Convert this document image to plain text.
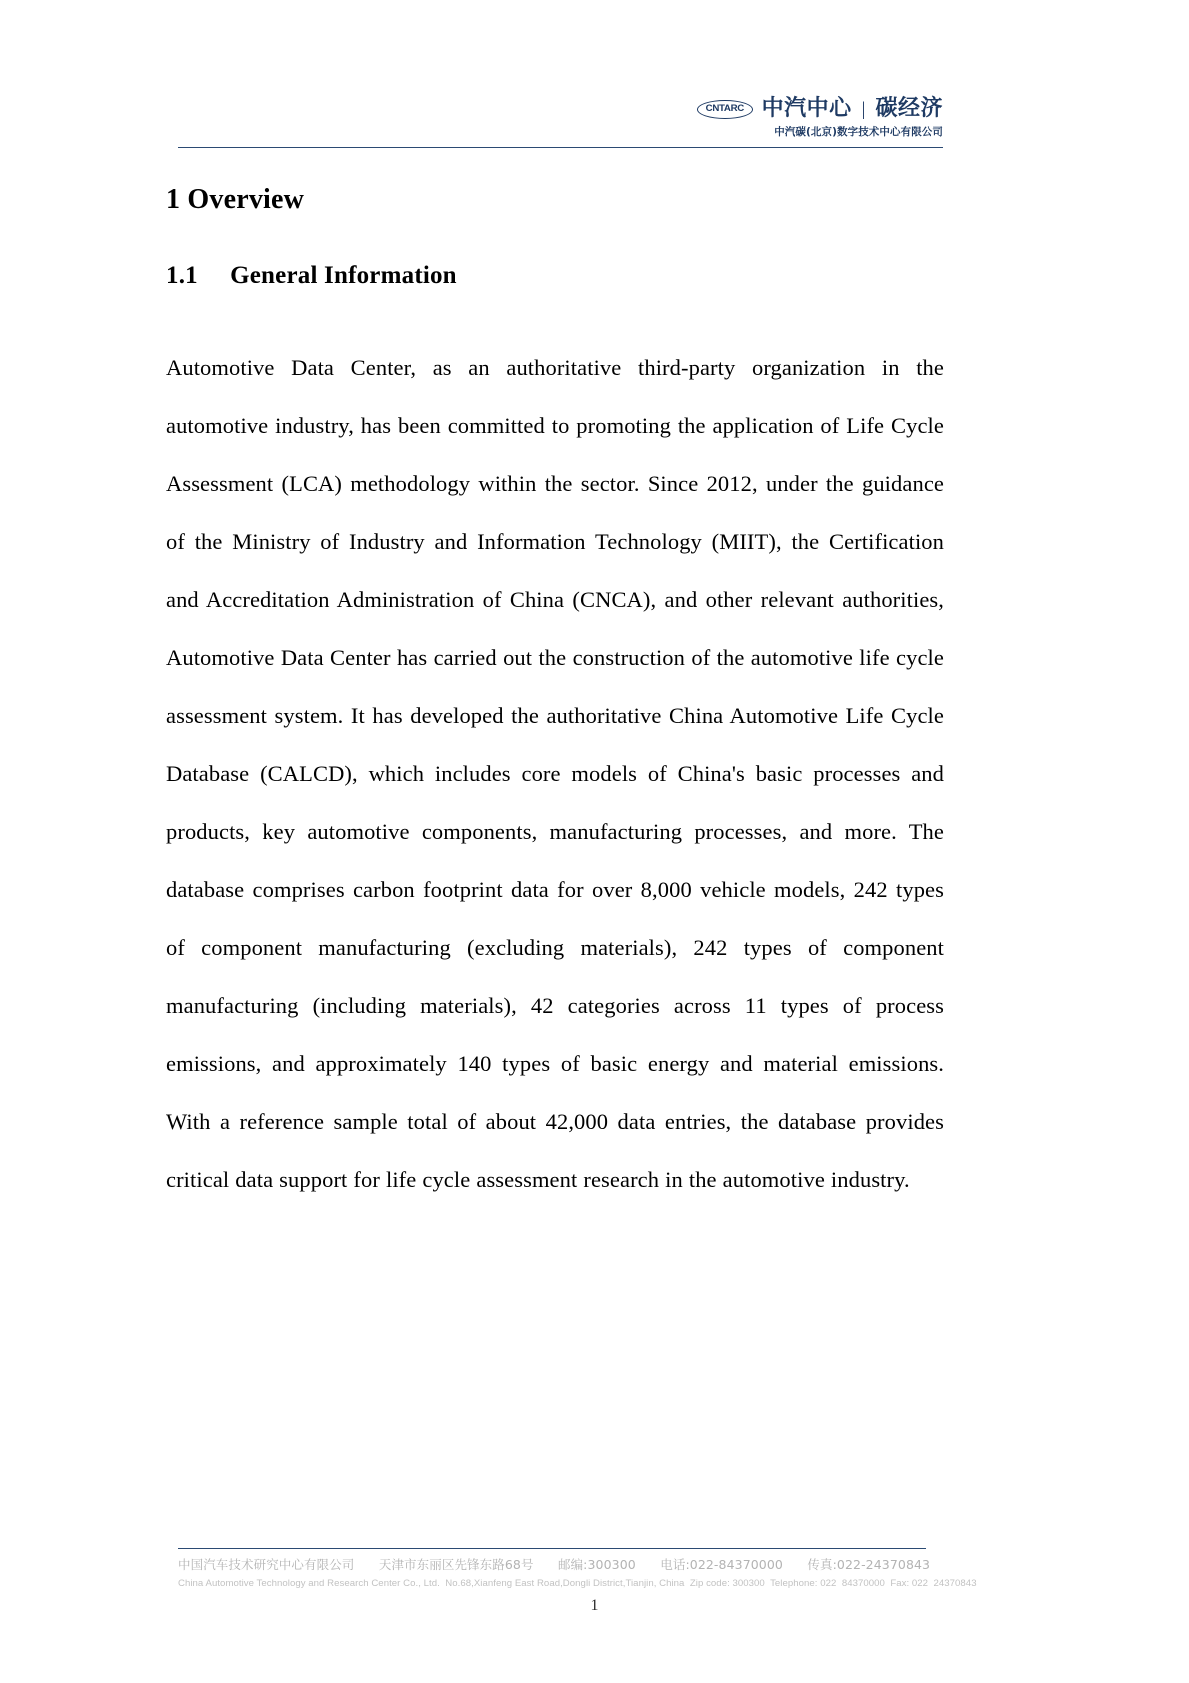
CNTARC 中汽中心 | 碳经济
中汽碳(北京)数字技术中心有限公司
1 Overview
1.1     General Information

Automotive Data Center, as an authoritative third-party organization in the automotive industry, has been committed to promoting the application of Life Cycle Assessment (LCA) methodology within the sector. Since 2012, under the guidance of the Ministry of Industry and Information Technology (MIIT), the Certification and Accreditation Administration of China (CNCA), and other relevant authorities, Automotive Data Center has carried out the construction of the automotive life cycle assessment system. It has developed the authoritative China Automotive Life Cycle Database (CALCD), which includes core models of China's basic processes and products, key automotive components, manufacturing processes, and more. The database comprises carbon footprint data for over 8,000 vehicle models, 242 types of component manufacturing (excluding materials), 242 types of component manufacturing (including materials), 42 categories across 11 types of process emissions, and approximately 140 types of basic energy and material emissions. With a reference sample total of about 42,000 data entries, the database provides critical data support for life cycle assessment research in the automotive industry.

中国汽车技术研究中心有限公司      天津市东丽区先锋东路68号      邮编:300300      电话:022-84370000      传真:022-24370843
China Automotive Technology and Research Center Co., Ltd.  No.68,Xianfeng East Road,Dongli District,Tianjin, China  Zip code: 300300  Telephone: 022  84370000  Fax: 022  24370843
1
